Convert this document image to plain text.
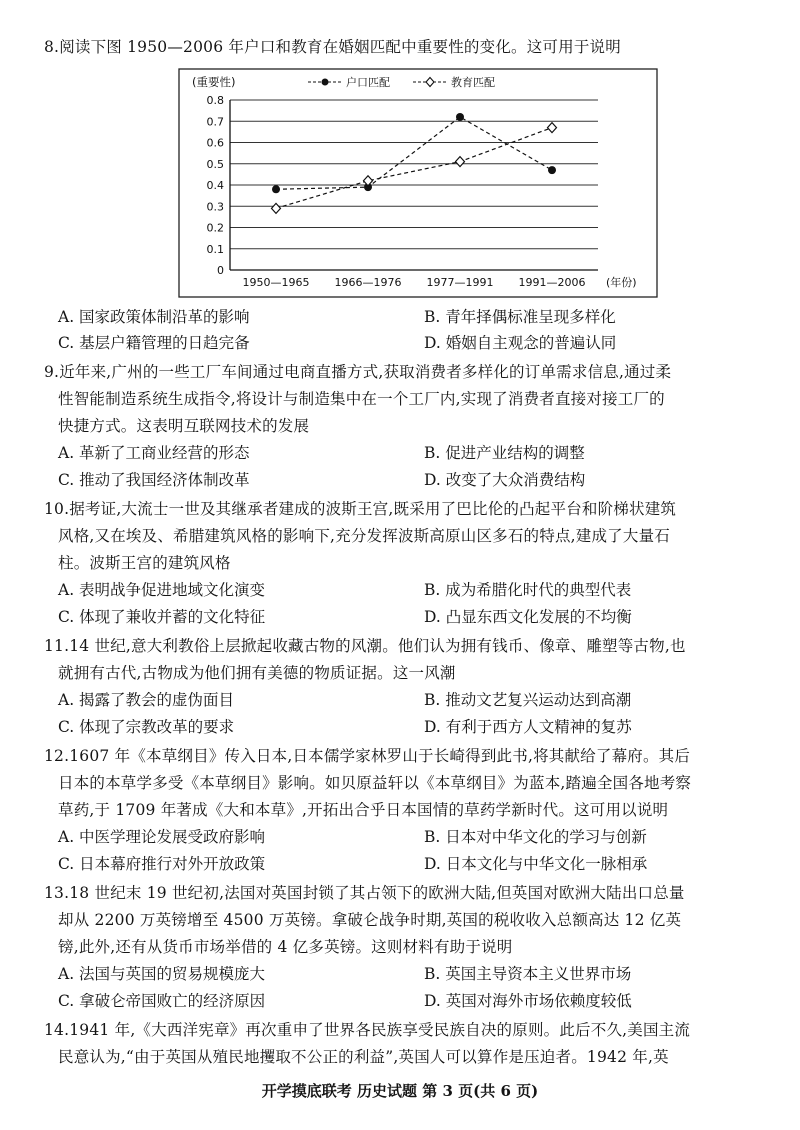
8.阅读下图 1950—2006 年户口和教育在婚姻匹配中重要性的变化。这可用于说明
0
0.1
0.2
0.3
0.4
0.5
0.6
0.7
0.8
(重要性)
1950—1965 1966—1976 1977—1991 1991—2006 (年份)
户口匹配	教育匹配
A. 国家政策体制沿革的影响	B. 青年择偶标准呈现多样化
C. 基层户籍管理的日趋完备	D. 婚姻自主观念的普遍认同
9.近年来,广州的一些工厂车间通过电商直播方式,获取消费者多样化的订单需求信息,通过柔
性智能制造系统生成指令,将设计与制造集中在一个工厂内,实现了消费者直接对接工厂的
快捷方式。这表明互联网技术的发展
A. 革新了工商业经营的形态	B. 促进产业结构的调整
C. 推动了我国经济体制改革	D. 改变了大众消费结构
10.据考证,大流士一世及其继承者建成的波斯王宫,既采用了巴比伦的凸起平台和阶梯状建筑
风格,又在埃及、希腊建筑风格的影响下,充分发挥波斯高原山区多石的特点,建成了大量石
柱。波斯王宫的建筑风格
A. 表明战争促进地域文化演变	B. 成为希腊化时代的典型代表
C. 体现了兼收并蓄的文化特征	D. 凸显东西文化发展的不均衡
11.14 世纪,意大利教俗上层掀起收藏古物的风潮。他们认为拥有钱币、像章、雕塑等古物,也
就拥有古代,古物成为他们拥有美德的物质证据。这一风潮
A. 揭露了教会的虚伪面目	B. 推动文艺复兴运动达到高潮
C. 体现了宗教改革的要求	D. 有利于西方人文精神的复苏
12.1607 年《本草纲目》传入日本,日本儒学家林罗山于长崎得到此书,将其献给了幕府。其后
日本的本草学多受《本草纲目》影响。如贝原益轩以《本草纲目》为蓝本,踏遍全国各地考察
草药,于 1709 年著成《大和本草》,开拓出合乎日本国情的草药学新时代。这可用以说明
A. 中医学理论发展受政府影响	B. 日本对中华文化的学习与创新
C. 日本幕府推行对外开放政策	D. 日本文化与中华文化一脉相承
13.18 世纪末 19 世纪初,法国对英国封锁了其占领下的欧洲大陆,但英国对欧洲大陆出口总量
却从 2200 万英镑增至 4500 万英镑。拿破仑战争时期,英国的税收收入总额高达 12 亿英
镑,此外,还有从货币市场举借的 4 亿多英镑。这则材料有助于说明
A. 法国与英国的贸易规模庞大	B. 英国主导资本主义世界市场
C. 拿破仑帝国败亡的经济原因	D. 英国对海外市场依赖度较低
14.1941 年,《大西洋宪章》再次重申了世界各民族享受民族自决的原则。此后不久,美国主流
民意认为,“由于英国从殖民地攫取不公正的利益”,英国人可以算作是压迫者。1942 年,英
开学摸底联考 历史试题 第 3 页(共 6 页)
